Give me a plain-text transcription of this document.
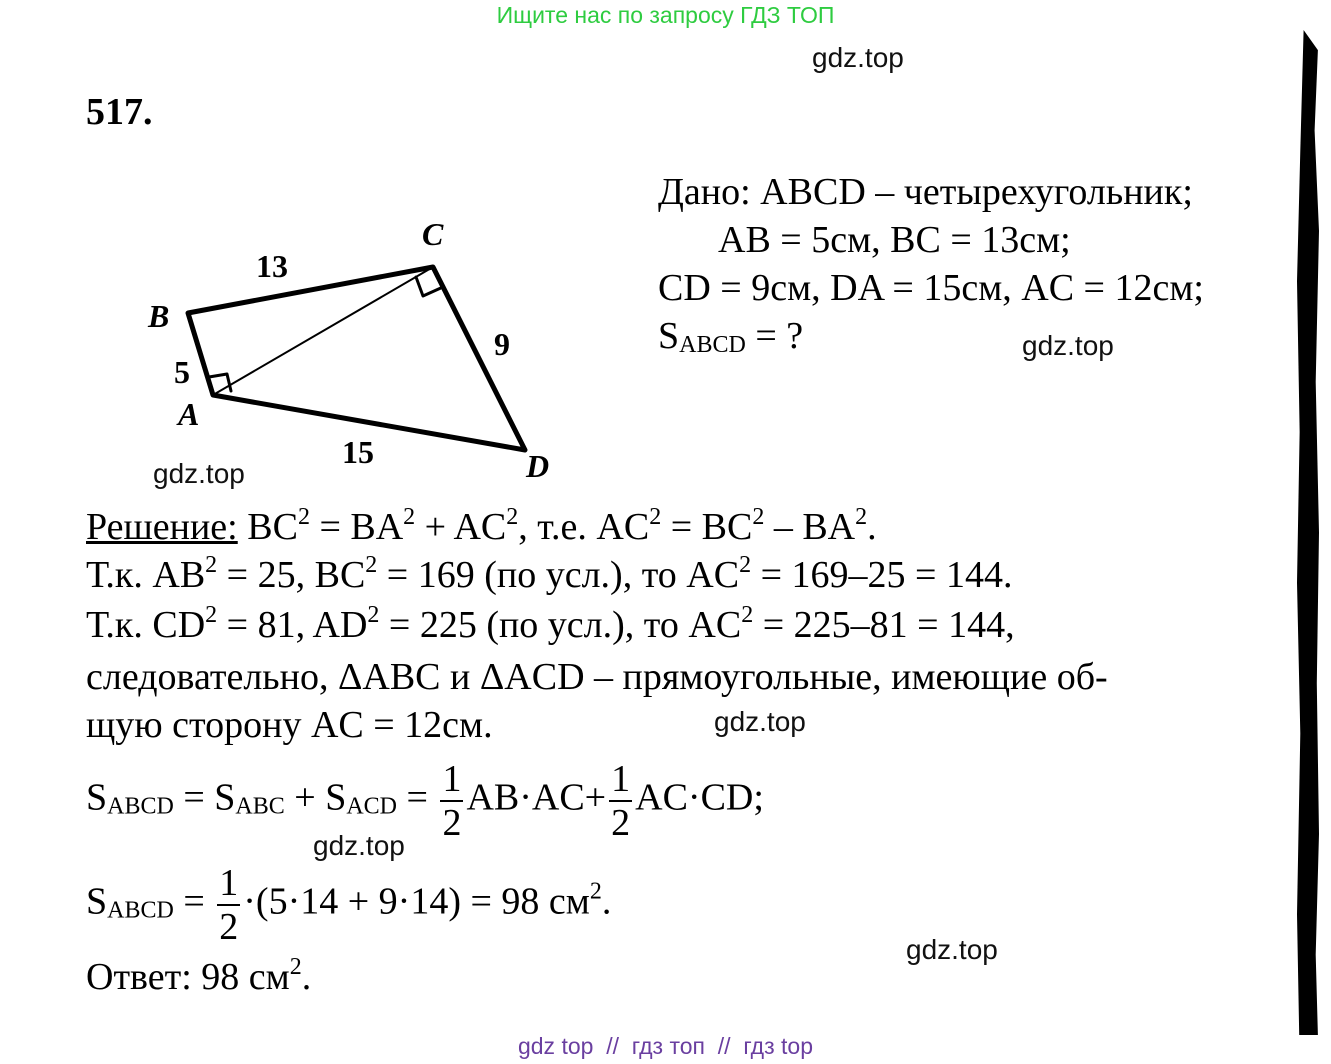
Ищите нас по запросу ГДЗ ТОП
gdz.top
gdz.top
gdz.top
gdz.top
gdz.top
gdz.top
517.
B
C
A
D
13
5
9
15
Дано: ABCD – четырехугольник;
AB = 5см, BC = 13см;
CD = 9см, DA = 15см, AC = 12см;
$S_{ABCD}$ = ?
Решение: $BC^2 = BA^2 + AC^2$, т.е. $AC^2 = BC^2 - BA^2$.
Т.к. $AB^2 = 25$, $BC^2 = 169$ (по усл.), то $AC^2 = 169-25 = 144$.
Т.к. $CD^2 = 81$, $AD^2 = 225$ (по усл.), то $AC^2 = 225-81 = 144$,
следовательно, ΔABC и ΔACD – прямоугольные, имеющие об-
щую сторону AC = 12см.
$S_{ABCD} = S_{ABC} + S_{ACD} = \frac{1}{2} AB\cdot AC+ \frac{1}{2} AC\cdot CD$;
$S_{ABCD} = \frac{1}{2} \cdot(5\cdot 14 + 9\cdot 14) = 98$ $см^2$.
Ответ: 98 $см^2$.
gdz top  //  гдз топ  //  гдз top
